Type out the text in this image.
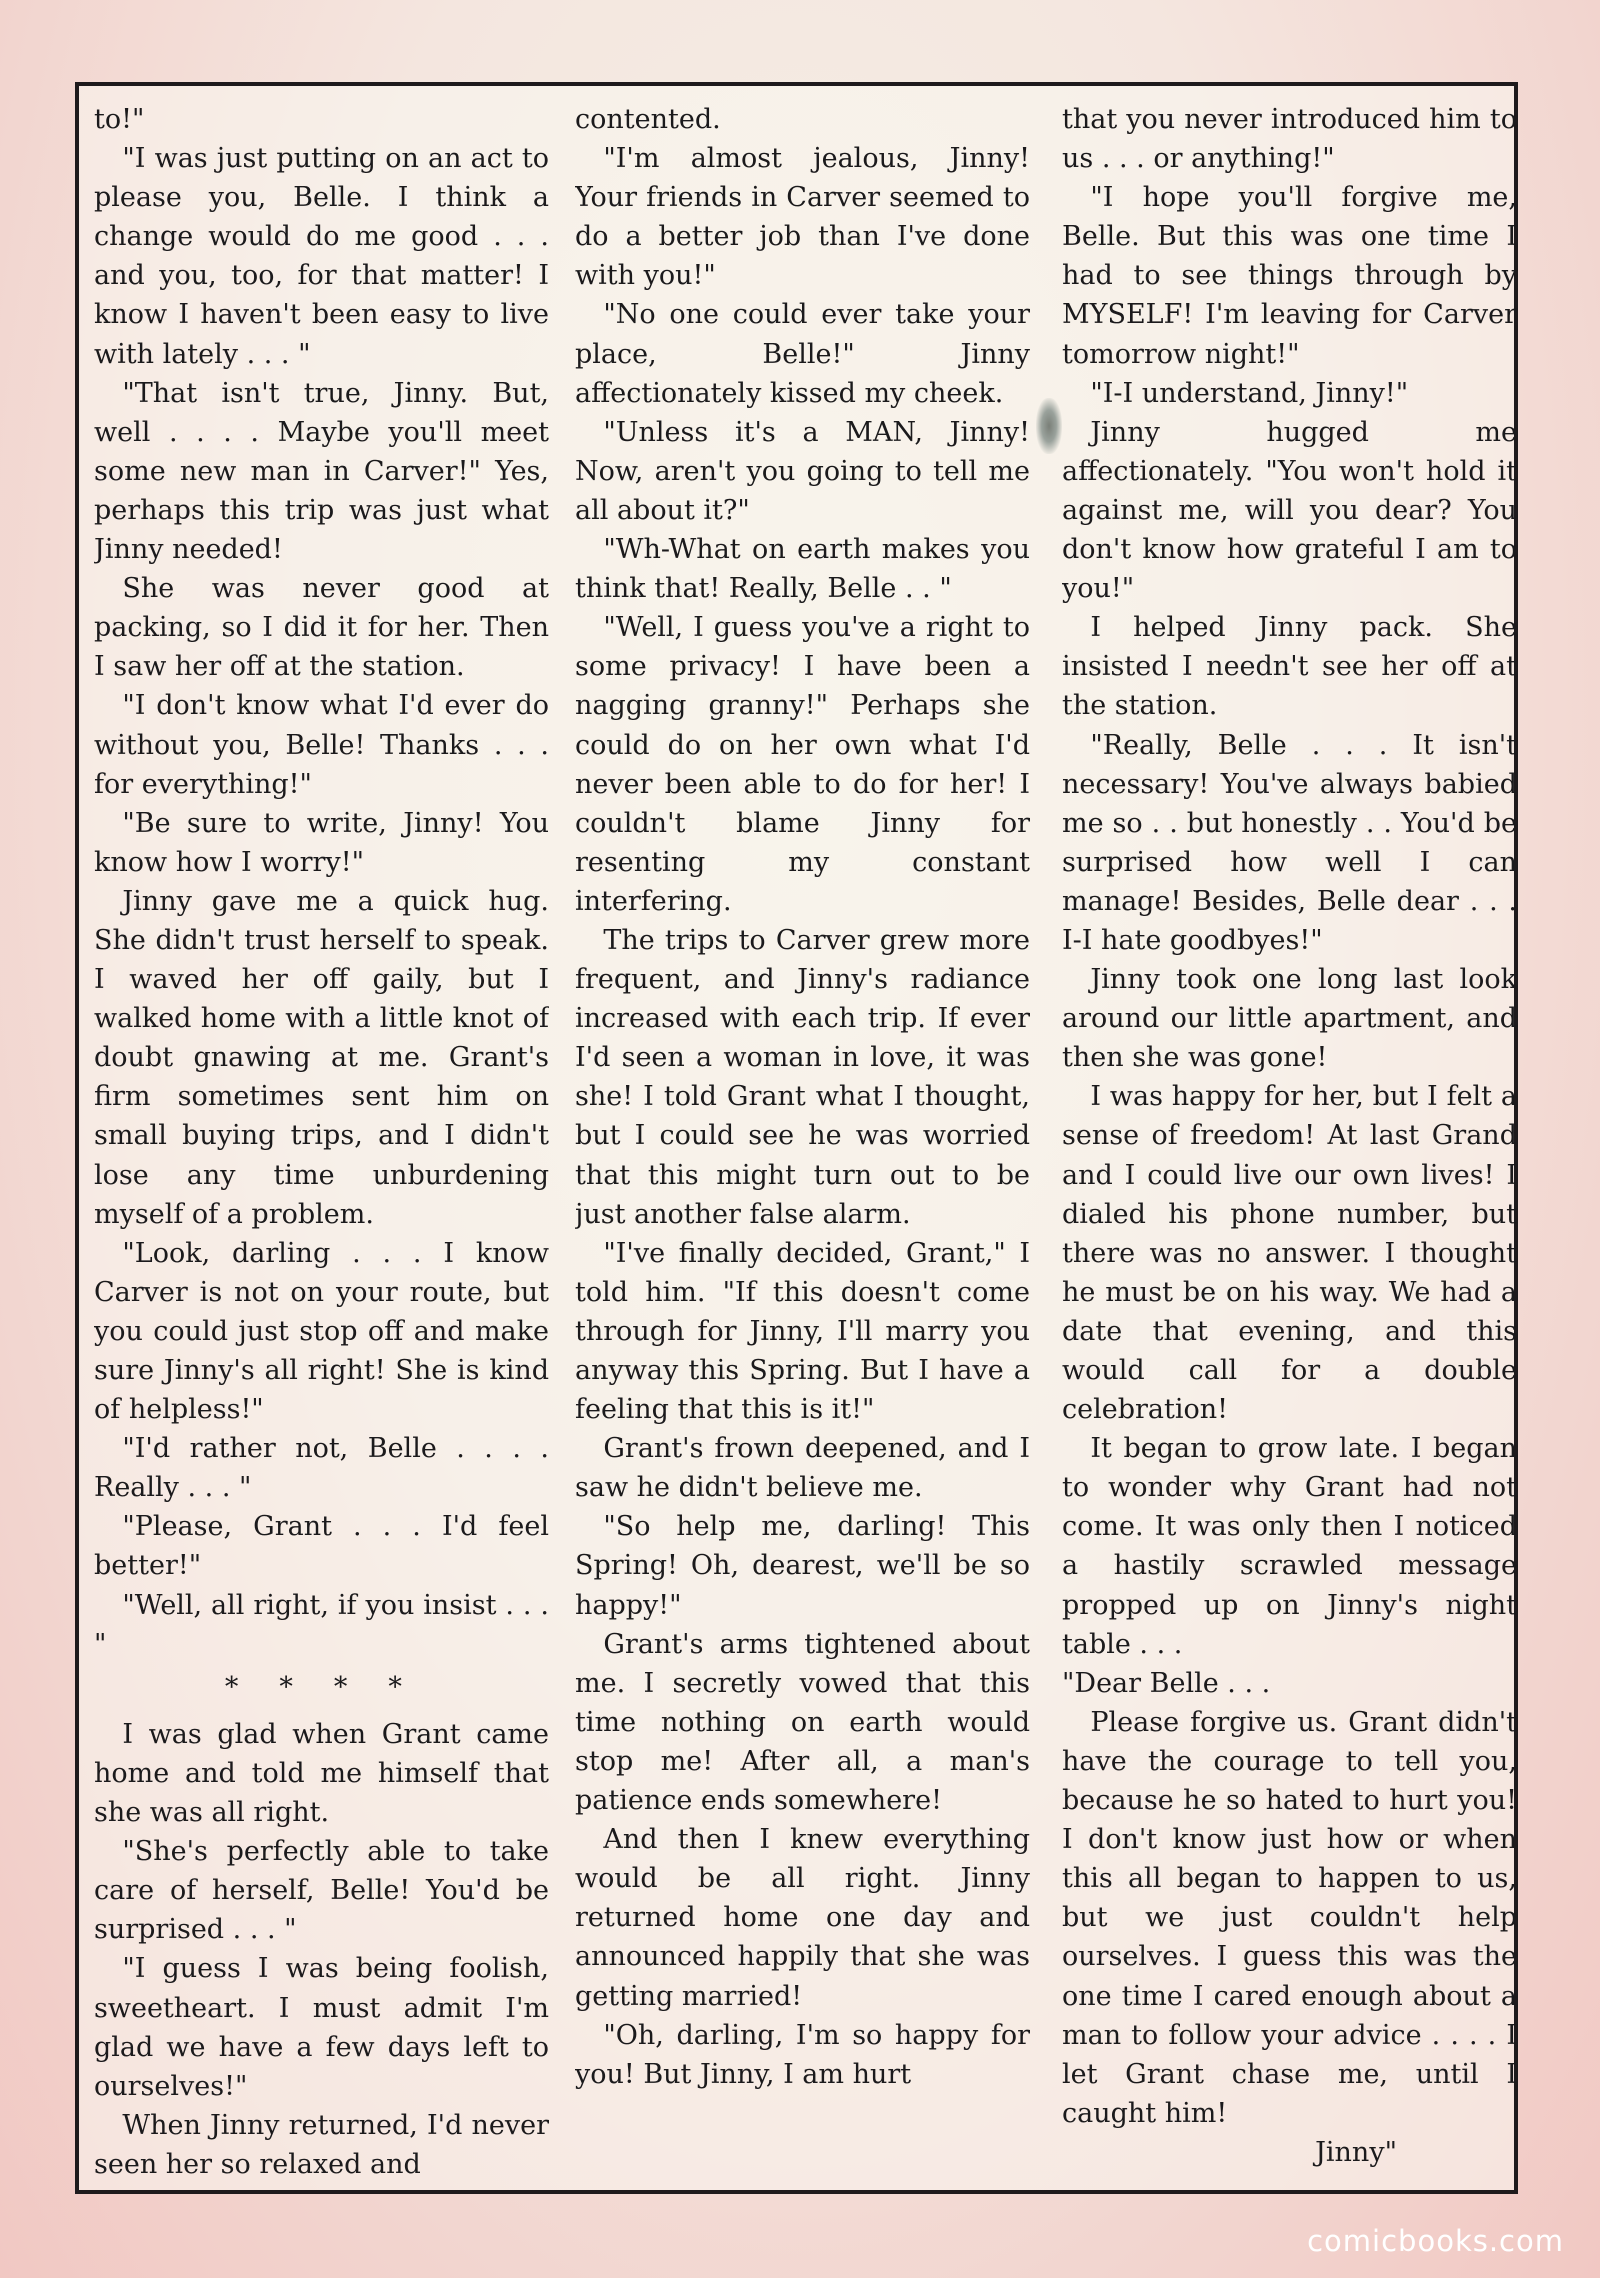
to!"

"I was just putting on an act to please you, Belle. I think a change would do me good . . . and you, too, for that matter! I know I haven't been easy to live with lately . . . "

"That isn't true, Jinny. But, well . . . . Maybe you'll meet some new man in Carver!" Yes, perhaps this trip was just what Jinny needed!

She was never good at packing, so I did it for her. Then I saw her off at the station.

"I don't know what I'd ever do without you, Belle! Thanks . . . for everything!"

"Be sure to write, Jinny! You know how I worry!"

Jinny gave me a quick hug. She didn't trust herself to speak. I waved her off gaily, but I walked home with a little knot of doubt gnawing at me. Grant's firm sometimes sent him on small buying trips, and I didn't lose any time unburdening myself of a problem.

"Look, darling . . . I know Carver is not on your route, but you could just stop off and make sure Jinny's all right! She is kind of helpless!"

"I'd rather not, Belle . . . . Really . . . "

"Please, Grant . . . I'd feel better!"

"Well, all right, if you insist . . . "

* * * *

I was glad when Grant came home and told me himself that she was all right.

"She's perfectly able to take care of herself, Belle! You'd be surprised . . . "

"I guess I was being foolish, sweetheart. I must admit I'm glad we have a few days left to ourselves!"

When Jinny returned, I'd never seen her so relaxed and

contented.

"I'm almost jealous, Jinny! Your friends in Carver seemed to do a better job than I've done with you!"

"No one could ever take your place, Belle!" Jinny affectionately kissed my cheek.

"Unless it's a MAN, Jinny! Now, aren't you going to tell me all about it?"

"Wh-What on earth makes you think that! Really, Belle . . "

"Well, I guess you've a right to some privacy! I have been a nagging granny!" Perhaps she could do on her own what I'd never been able to do for her! I couldn't blame Jinny for resenting my constant interfering.

The trips to Carver grew more frequent, and Jinny's radiance increased with each trip. If ever I'd seen a woman in love, it was she! I told Grant what I thought, but I could see he was worried that this might turn out to be just another false alarm.

"I've finally decided, Grant," I told him. "If this doesn't come through for Jinny, I'll marry you anyway this Spring. But I have a feeling that this is it!"

Grant's frown deepened, and I saw he didn't believe me.

"So help me, darling! This Spring! Oh, dearest, we'll be so happy!"

Grant's arms tightened about me. I secretly vowed that this time nothing on earth would stop me! After all, a man's patience ends somewhere!

And then I knew everything would be all right. Jinny returned home one day and announced happily that she was getting married!

"Oh, darling, I'm so happy for you! But Jinny, I am hurt

that you never introduced him to us . . . or anything!"

"I hope you'll forgive me, Belle. But this was one time I had to see things through by MYSELF! I'm leaving for Carver tomorrow night!"

"I-I understand, Jinny!"

Jinny hugged me affectionately. "You won't hold it against me, will you dear? You don't know how grateful I am to you!"

I helped Jinny pack. She insisted I needn't see her off at the station.

"Really, Belle . . . It isn't necessary! You've always babied me so . . but honestly . . You'd be surprised how well I can manage! Besides, Belle dear . . . I-I hate goodbyes!"

Jinny took one long last look around our little apartment, and then she was gone!

I was happy for her, but I felt a sense of freedom! At last Grand and I could live our own lives! I dialed his phone number, but there was no answer. I thought he must be on his way. We had a date that evening, and this would call for a double celebration!

It began to grow late. I began to wonder why Grant had not come. It was only then I noticed a hastily scrawled message propped up on Jinny's night table . . .

"Dear Belle . . .

Please forgive us. Grant didn't have the courage to tell you, because he so hated to hurt you! I don't know just how or when this all began to happen to us, but we just couldn't help ourselves. I guess this was the one time I cared enough about a man to follow your advice . . . . I let Grant chase me, until I caught him!

Jinny"

comicbooks.com
